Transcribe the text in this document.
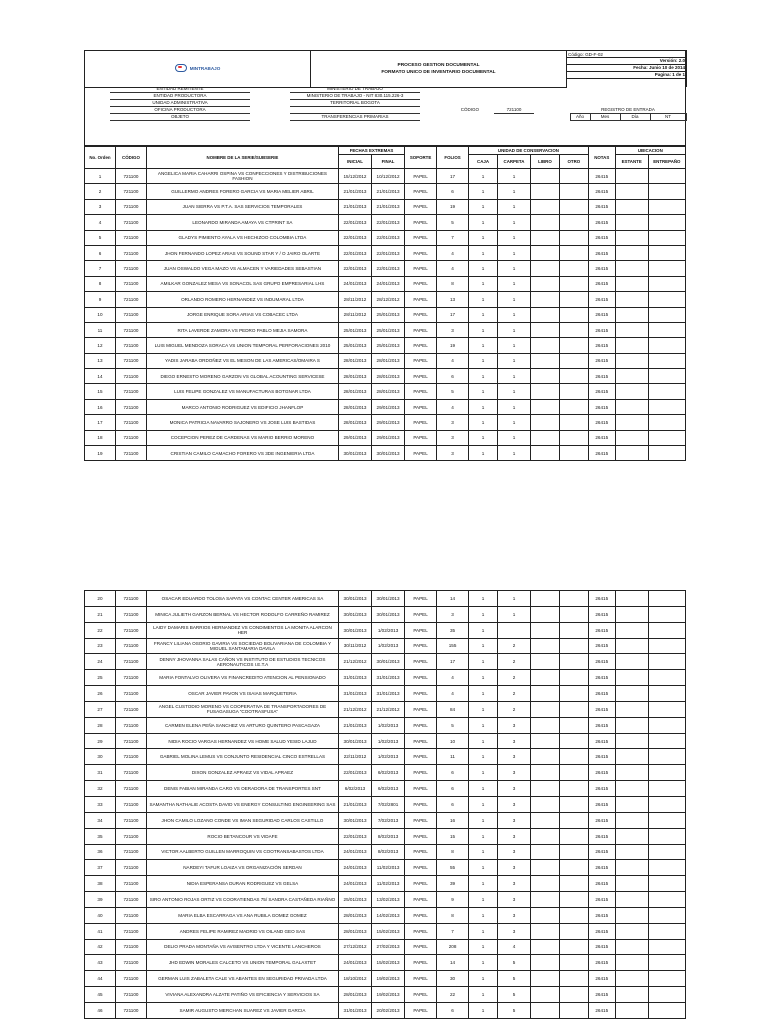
MINTRABAJO

PROCESO GESTION DOCUMENTAL
FORMATO UNICO DE INVENTARIO DOCUMENTAL
	Código: GD-F-02
Versión: 2.0
Fecha: Junio 10 de 2014
Pagina: 1 de 1

	ENTIDAD REMITENTE		MINISTERIO DE TRABAJO								
	ENTIDAD PRODUCTORA		MINISTERIO DE TRABAJO - NIT 830.115.226-3								
	UNIDAD ADMINISTRATIVA		TERRITORIAL BOGOTA								
	OFICINA PRODUCTORA			CÓDIGO		721100		REGISTRO DE ENTRADA			
	OBJETO		TRANSFERENCIAS PRIMARIAS					Año	Mes	Día	NT
No. Orden	CÓDIGO	NOMBRE DE LA SERIE/SUBSERIE	FECHAS EXTREMAS		SOPORTE	FOLIOS	UNIDAD DE CONSERVACION				NOTAS	UBICACION	
			INICIAL	FINAL			CAJA	CARPETA	LIBRO	OTRO		ESTANTE	ENTREPAÑO
1	721100	ANGELICA MARIA CAHARRI OSPINA VS CONFECCIONES Y DISTRIBUCIONES FASHION	15/12/2012	10/12/2012	PAPEL	17	1	1			26415		
2	721100	GUILLERMO ANDRES FORERO GARCIA VS MARIA MELIER ABRIL	21/01/2013	21/01/2013	PAPEL	6	1	1			26415		
3	721100	JUAN SIERRA VS P.T.A. SAS SERVICIOS TEMPORALES	21/01/2013	21/01/2013	PAPEL	19	1	1			26415		
4	721100	LEONARDO MIRANDA AMAYA VS CTPRINT SA	22/01/2013	22/01/2013	PAPEL	5	1	1			26415		
5	721100	GLADYS PIMIENTO AYALA VS HECHIZOO COLOMBIA LTDA	22/01/2013	22/01/2013	PAPEL	7	1	1			26415		
6	721100	JHON FERNANDO LOPEZ ARIAS VS SOUND STAR Y / O JAIRO OLARTE	22/01/2013	22/01/2013	PAPEL	4	1	1			26415		
7	721100	JUAN OSWALDO VEGA MAZO VS ALMACEN Y VARIEDADES SEBASTIAN	22/01/2013	22/01/2013	PAPEL	4	1	1			26415		
8	721100	AMILKAR GONZALEZ MESA VS SONACOL SAS GRUPO EMPRESARIAL LHS	24/01/2013	24/01/2013	PAPEL	8	1	1			26415		
9	721100	ORLANDO ROMERO HERNANDEZ VS INDUMARAL LTDA	28/11/2012	28/12/2012	PAPEL	13	1	1			26415		
10	721100	JORGE ENRIQUE SORA ARIAS VS COBACEC LTDA	28/11/2012	25/01/2013	PAPEL	17	1	1			26415		
11	721100	RITA LAVERDE ZAMORA VS PEDRO PABLO MEJIA SAMORA	25/01/2013	25/01/2013	PAPEL	3	1	1			26415		
12	721100	LUIS MIGUEL MENDOZA SORACA VS UNION TEMPORAL PERFORACIONES 2010	25/01/2013	25/01/2013	PAPEL	19	1	1			26415		
13	721100	YADIS JARABA ORDOÑEZ VS EL MESON DE LAS AMERICAS/OMAIRA S	28/01/2013	28/01/2013	PAPEL	4	1	1			26415		
14	721100	DIEGO ERNESTO MORENO GARZON VS GLOBAL ACOUNTING SERVICESE	28/01/2013	28/01/2013	PAPEL	6	1	1			26415		
15	721100	LUIS FELIPE GONZALEZ VS MANUFACTURAS BOTGNAR LTDA	28/01/2013	28/01/2013	PAPEL	5	1	1			26415		
16	721100	MARCO ANTONIO RODRIGUEZ VS EDIFICIO JHANFLOP	28/01/2013	29/01/2013	PAPEL	4	1	1			26415		
17	721100	MONICA PATRICIA NAVARRO SAJONERO VS JOSE LUIS BASTIDAS	28/01/2013	29/01/2013	PAPEL	3	1	1			26415		
18	721100	COCEPCION PEREZ DE CARDENAS VS MARIO BERRIO MORENO	29/01/2013	29/01/2013	PAPEL	3	1	1			26415		
19	721100	CRISTIAN CAMILO CAMACHO FORERO VS 3DE INGENIERIA LTDA	30/01/2013	30/01/2013	PAPEL	3	1	1			26415		
20	721100	OSACAR EDUARDO TOLOSA SAPATA VS CONTAC CENTER AMERICAS SA	30/01/2013	30/01/2013	PAPEL	14	1	1			26415		
21	721100	MINICA JULIETH GARZON BERNAL VS HECTOR RODOLFO CARREÑO RAMIREZ	30/01/2013	30/01/2013	PAPEL	3	1	1			26415		
22	721100	LAIDY DAMARIS BARRIOS HERNANDEZ VS CONDIMENTOS LA MONITA ALARCON HER	30/01/2013	1/02/2013	PAPEL	35	1				26415		
23	721100	FRANCY LILIANA OSORIO GAVIRIA VS SOCIEDAD BOLIVARIANA DE COLOMBIA Y MIGUEL SANTAMARIA DAVILA	30/11/2012	1/02/2013	PAPEL	155	1	2			26415		
24	721100	DENNY JHOVANNA SALAS CAÑON VS INSTITUTO DE ESTUDIOS TECNICOS AERONAUTICOS I.E.T.A	21/12/2012	30/01/2013	PAPEL	17	1	2			26415		
25	721100	MARIA FONTALVO OLIVERA VS FINANCREDITO ATENCION AL PENSIONADO	31/01/2013	31/01/2013	PAPEL	4	1	2			26415		
26	721100	OSCAR JAVIER PAVON VS ISAIAS MARQUETERIA	31/01/2013	31/01/2013	PAPEL	4	1	2			26415		
27	721100	ANGEL CUSTODIO MORENO VS COOPERATIVA DE TRANSPORTADORES DE FUSAGASUGA "COOTRASFUSA"	21/12/2012	21/12/2012	PAPEL	84	1	2			26415		
28	721100	CARMEN ELENA PEÑA SANCHEZ VS ARTURO QUINTERO PASCAGAZA	21/01/2013	1/02/2013	PAPEL	5	1	3			26415		
29	721100	NIDIA ROCIO VARGAS HERNANDEZ VS HOME SALUD YESID LAJUD	30/01/2013	1/02/2013	PAPEL	10	1	3			26415		
30	721100	GABRIEL MOLINA LEMUS VS CONJUNTO RESIDENCIAL CINCO ESTRELLAS	22/11/2012	1/02/2013	PAPEL	11	1	3			26415		
31	721100	DIXON GONZALEZ APRAEZ VS VIDAL APRAEZ	22/01/2013	6/02/2013	PAPEL	6	1	3			26415		
32	721100	DENIS FABIAN MIRANDA CARO VS OERADORA DE TRANSPORTES SNT	6/02/2013	6/02/2013	PAPEL	6	1	3			26415		
33	721100	SAMANTHA NATHALIE ACOSTA DAVID VS ENERGY CONSULTING ENGINEERING SAS	21/01/2013	7/02/2801	PAPEL	6	1	3			26415		
34	721100	JHON CAMILO LOZANO CONDE VS IMAN SEGURIDAD CARLOS CASTILLO	30/01/2013	7/02/2013	PAPEL	16	1	3			26415		
35	721100	ROCIO BETANCOUR VS VIDAFE	22/01/2013	8/02/2013	PAPEL	15	1	3			26415		
36	721100	VICTOR AALBERTO GUILLEN MARROQUIN VS COOTRANSABASTOS LTDA	24/01/2013	8/02/2013	PAPEL	8	1	3			26415		
37	721100	NARDEYI TAFUR LOAIZA VS ORGANIZACIÓN SERDAN	24/01/2013	11/02/2013	PAPEL	55	1	3			26415		
38	721100	NIDIA ESPERANSA DURAN RODRIGUEZ VS GELSA	24/01/2013	11/02/2013	PAPEL	39	1	3			26415		
39	721100	SIRO ANTONIO ROJAS ORTIZ VS COORATIENDAS 75/ SANDRA CASTAÑEDA RIAÑNO	25/01/2013	13/02/2013	PAPEL	9	1	3			26415		
40	721100	MARIA ELBA ESCARRAGA VS ANA RUBILA GOMEZ GOMEZ	28/01/2013	14/02/2013	PAPEL	8	1	3			26415		
41	721100	ANDRES FELIPE RAMIREZ MADRID VS OILAND GEO SAS	28/01/2013	15/02/2013	PAPEL	7	1	3			26415		
42	721100	DELIO PRADA MONTAÑA VS AVISENTRO LTDA Y VICENTE LANCHEROS	27/12/2012	27/02/2013	PAPEL	208	1	4			26415		
43	721100	JHD EDWIN MORALES CALCETO VS UNION TEMPORAL GALAXTET	24/01/2013	15/02/2013	PAPEL	14	1	5			26415		
44	721100	GERMAN LUIS ZABALETA CALE VS ABANTES EN SEGURIDAD PRIVADA LTDA	18/10/2012	19/02/2013	PAPEL	30	1	5			26415		
45	721100	VIVIANA ALEXANDRA ALZATE PATIÑO VS EFICIENCIA Y SERVICIOS SA	28/01/2013	19/02/2013	PAPEL	22	1	5			26415		
46	721100	SAMIR AUGUSTO MERCHAN SUAREZ VS JAVIER GARCIA	31/01/2013	20/02/2013	PAPEL	6	1	5			26415		
